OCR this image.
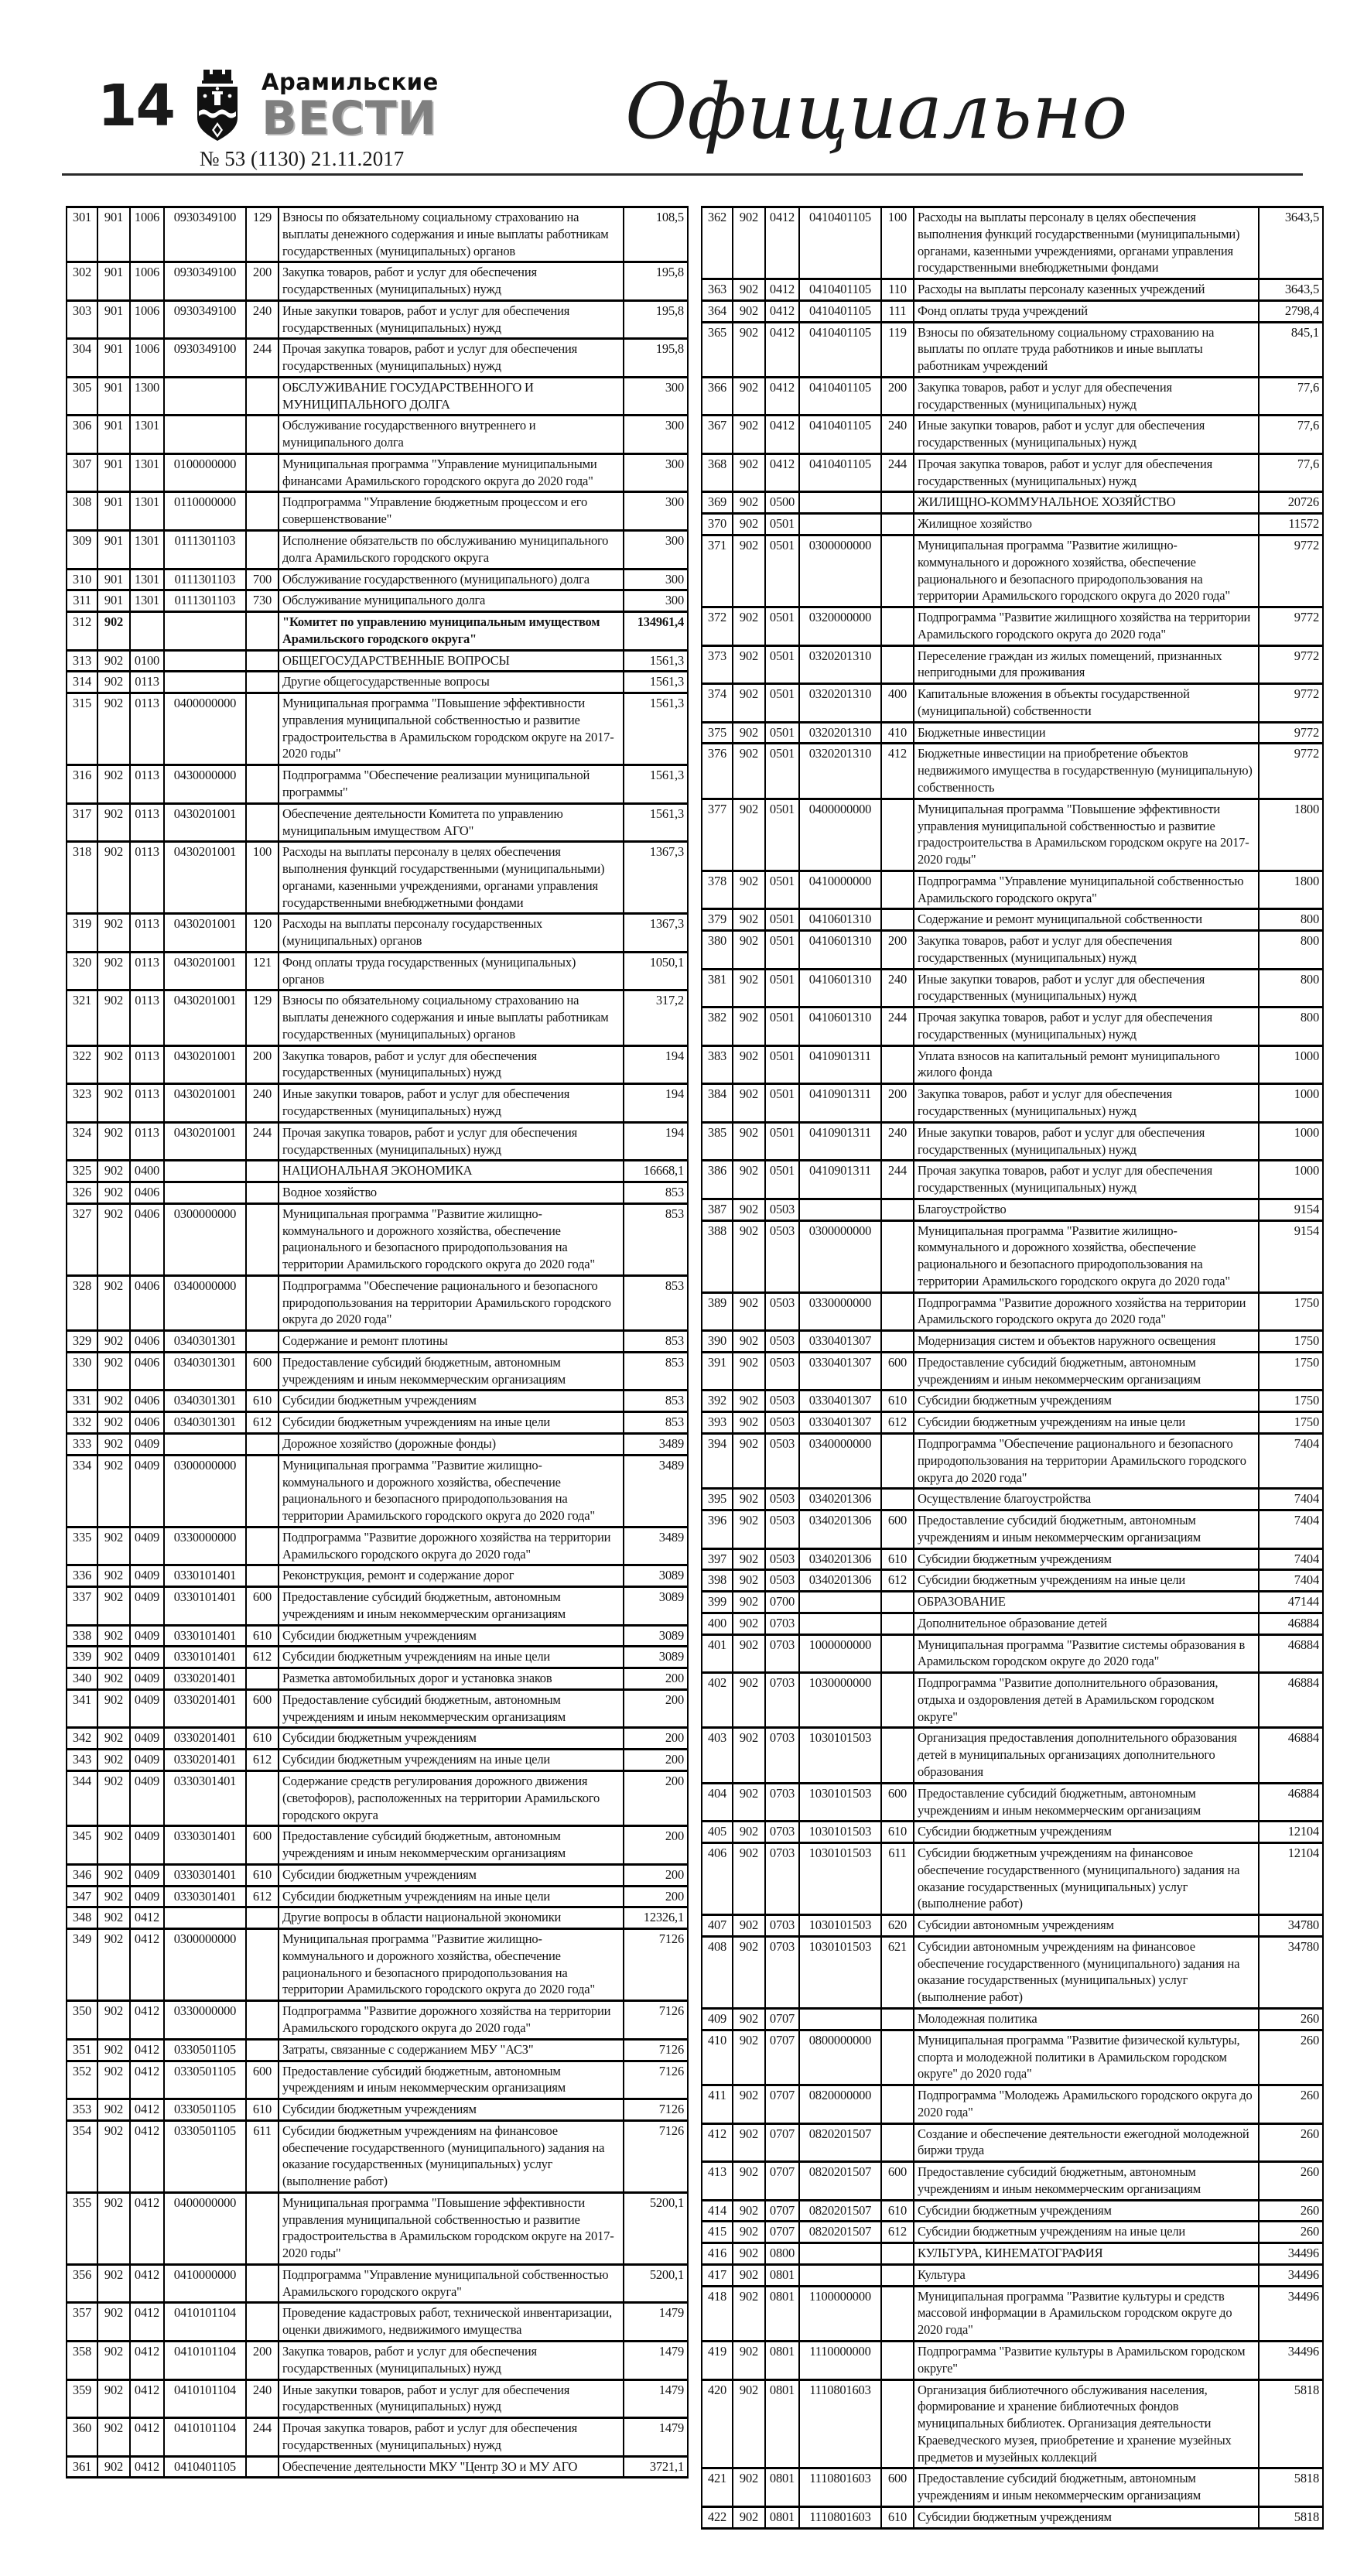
14	Арамильские
ВЕСТИ
№ 53 (1130) 21.11.2017
Официально
301	901	1006	0930349100	129	Взносы по обязательному социальному страхованию на выплаты денежного содержания и иные выплаты работникам государственных (муниципальных) органов	108,5
302	901	1006	0930349100	200	Закупка товаров, работ и услуг для обеспечения государственных (муниципальных) нужд	195,8
303	901	1006	0930349100	240	Иные закупки товаров, работ и услуг для обеспечения государственных (муниципальных) нужд	195,8
304	901	1006	0930349100	244	Прочая закупка товаров, работ и услуг для обеспечения государственных (муниципальных) нужд	195,8
305	901	1300			ОБСЛУЖИВАНИЕ ГОСУДАРСТВЕННОГО И МУНИЦИПАЛЬНОГО ДОЛГА	300
306	901	1301			Обслуживание государственного внутреннего и муниципального долга	300
307	901	1301	0100000000		Муниципальная программа "Управление муниципальными финансами Арамильского городского округа до 2020 года"	300
308	901	1301	0110000000		Подпрограмма "Управление бюджетным процессом и его совершенствование"	300
309	901	1301	0111301103		Исполнение обязательств по обслуживанию муниципального долга Арамильского городского округа	300
310	901	1301	0111301103	700	Обслуживание государственного (муниципального) долга	300
311	901	1301	0111301103	730	Обслуживание муниципального долга	300
312	902				"Комитет по управлению муниципальным имуществом Арамильского городского округа"	134961,4
313	902	0100			ОБЩЕГОСУДАРСТВЕННЫЕ ВОПРОСЫ	1561,3
314	902	0113			Другие общегосударственные вопросы	1561,3
315	902	0113	0400000000		Муниципальная программа "Повышение эффективности управления муниципальной собственностью и развитие градостроительства в Арамильском городском округе на 2017-2020 годы"	1561,3
316	902	0113	0430000000		Подпрограмма "Обеспечение реализации муниципальной программы"	1561,3
317	902	0113	0430201001		Обеспечение деятельности Комитета по управлению муниципальным имуществом АГО"	1561,3
318	902	0113	0430201001	100	Расходы на выплаты персоналу в целях обеспечения выполнения функций государственными (муниципальными) органами, казенными учреждениями, органами управления государственными внебюджетными фондами	1367,3
319	902	0113	0430201001	120	Расходы на выплаты персоналу государственных (муниципальных) органов	1367,3
320	902	0113	0430201001	121	Фонд оплаты труда государственных (муниципальных) органов	1050,1
321	902	0113	0430201001	129	Взносы по обязательному социальному страхованию на выплаты денежного содержания и иные выплаты работникам государственных (муниципальных) органов	317,2
322	902	0113	0430201001	200	Закупка товаров, работ и услуг для обеспечения государственных (муниципальных) нужд	194
323	902	0113	0430201001	240	Иные закупки товаров, работ и услуг для обеспечения государственных (муниципальных) нужд	194
324	902	0113	0430201001	244	Прочая закупка товаров, работ и услуг для обеспечения государственных (муниципальных) нужд	194
325	902	0400			НАЦИОНАЛЬНАЯ ЭКОНОМИКА	16668,1
326	902	0406			Водное хозяйство	853
327	902	0406	0300000000		Муниципальная программа "Развитие жилищно-коммунального и дорожного хозяйства, обеспечение рационального и безопасного природопользования на территории Арамильского городского округа до 2020 года"	853
328	902	0406	0340000000		Подпрограмма "Обеспечение рационального и безопасного природопользования на территории Арамильского городского округа до 2020 года"	853
329	902	0406	0340301301		Содержание и ремонт плотины	853
330	902	0406	0340301301	600	Предоставление субсидий бюджетным, автономным учреждениям и иным некоммерческим организациям	853
331	902	0406	0340301301	610	Субсидии бюджетным учреждениям	853
332	902	0406	0340301301	612	Субсидии бюджетным учреждениям на иные цели	853
333	902	0409			Дорожное хозяйство (дорожные фонды)	3489
334	902	0409	0300000000		Муниципальная программа "Развитие жилищно-коммунального и дорожного хозяйства, обеспечение рационального и безопасного природопользования на территории Арамильского городского округа до 2020 года"	3489
335	902	0409	0330000000		Подпрограмма "Развитие дорожного хозяйства на территории Арамильского городского округа до 2020 года"	3489
336	902	0409	0330101401		Реконструкция, ремонт и содержание дорог	3089
337	902	0409	0330101401	600	Предоставление субсидий бюджетным, автономным учреждениям и иным некоммерческим организациям	3089
338	902	0409	0330101401	610	Субсидии бюджетным учреждениям	3089
339	902	0409	0330101401	612	Субсидии бюджетным учреждениям на иные цели	3089
340	902	0409	0330201401		Разметка автомобильных дорог и установка знаков	200
341	902	0409	0330201401	600	Предоставление субсидий бюджетным, автономным учреждениям и иным некоммерческим организациям	200
342	902	0409	0330201401	610	Субсидии бюджетным учреждениям	200
343	902	0409	0330201401	612	Субсидии бюджетным учреждениям на иные цели	200
344	902	0409	0330301401		Содержание средств регулирования дорожного движения (светофоров), расположенных на территории Арамильского городского округа	200
345	902	0409	0330301401	600	Предоставление субсидий бюджетным, автономным учреждениям и иным некоммерческим организациям	200
346	902	0409	0330301401	610	Субсидии бюджетным учреждениям	200
347	902	0409	0330301401	612	Субсидии бюджетным учреждениям на иные цели	200
348	902	0412			Другие вопросы в области национальной экономики	12326,1
349	902	0412	0300000000		Муниципальная программа "Развитие жилищно-коммунального и дорожного хозяйства, обеспечение рационального и безопасного природопользования на территории Арамильского городского округа до 2020 года"	7126
350	902	0412	0330000000		Подпрограмма "Развитие дорожного хозяйства на территории Арамильского городского округа до 2020 года"	7126
351	902	0412	0330501105		Затраты, связанные с содержанием МБУ "АСЗ"	7126
352	902	0412	0330501105	600	Предоставление субсидий бюджетным, автономным учреждениям и иным некоммерческим организациям	7126
353	902	0412	0330501105	610	Субсидии бюджетным учреждениям	7126
354	902	0412	0330501105	611	Субсидии бюджетным учреждениям на финансовое обеспечение государственного (муниципального) задания на оказание государственных (муниципальных) услуг (выполнение работ)	7126
355	902	0412	0400000000		Муниципальная программа "Повышение эффективности управления муниципальной собственностью и развитие градостроительства в Арамильском городском округе на 2017-2020 годы"	5200,1
356	902	0412	0410000000		Подпрограмма "Управление муниципальной собственностью Арамильского городского округа"	5200,1
357	902	0412	0410101104		Проведение кадастровых работ, технической инвентаризации, оценки движимого, недвижимого имущества	1479
358	902	0412	0410101104	200	Закупка товаров, работ и услуг для обеспечения государственных (муниципальных) нужд	1479
359	902	0412	0410101104	240	Иные закупки товаров, работ и услуг для обеспечения государственных (муниципальных) нужд	1479
360	902	0412	0410101104	244	Прочая закупка товаров, работ и услуг для обеспечения государственных (муниципальных) нужд	1479
361	902	0412	0410401105		Обеспечение деятельности МКУ "Центр ЗО и МУ АГО	3721,1
362	902	0412	0410401105	100	Расходы на выплаты персоналу в целях обеспечения выполнения функций государственными (муниципальными) органами, казенными учреждениями, органами управления государственными внебюджетными фондами	3643,5
363	902	0412	0410401105	110	Расходы на выплаты персоналу казенных учреждений	3643,5
364	902	0412	0410401105	111	Фонд оплаты труда учреждений	2798,4
365	902	0412	0410401105	119	Взносы по обязательному социальному страхованию на выплаты по оплате труда работников и иные выплаты работникам учреждений	845,1
366	902	0412	0410401105	200	Закупка товаров, работ и услуг для обеспечения государственных (муниципальных) нужд	77,6
367	902	0412	0410401105	240	Иные закупки товаров, работ и услуг для обеспечения государственных (муниципальных) нужд	77,6
368	902	0412	0410401105	244	Прочая закупка товаров, работ и услуг для обеспечения государственных (муниципальных) нужд	77,6
369	902	0500			ЖИЛИЩНО-КОММУНАЛЬНОЕ ХОЗЯЙСТВО	20726
370	902	0501			Жилищное хозяйство	11572
371	902	0501	0300000000		Муниципальная программа "Развитие жилищно-коммунального и дорожного хозяйства, обеспечение рационального и безопасного природопользования на территории Арамильского городского округа до 2020 года"	9772
372	902	0501	0320000000		Подпрограмма "Развитие жилищного хозяйства на территории Арамильского городского округа до 2020 года"	9772
373	902	0501	0320201310		Переселение граждан из жилых помещений, признанных непригодными для проживания	9772
374	902	0501	0320201310	400	Капитальные вложения в объекты государственной (муниципальной) собственности	9772
375	902	0501	0320201310	410	Бюджетные инвестиции	9772
376	902	0501	0320201310	412	Бюджетные инвестиции на приобретение объектов недвижимого имущества в государственную (муниципальную) собственность	9772
377	902	0501	0400000000		Муниципальная программа "Повышение эффективности управления муниципальной собственностью и развитие градостроительства в Арамильском городском округе на 2017-2020 годы"	1800
378	902	0501	0410000000		Подпрограмма "Управление муниципальной собственностью Арамильского городского округа"	1800
379	902	0501	0410601310		Содержание и ремонт муниципальной собственности	800
380	902	0501	0410601310	200	Закупка товаров, работ и услуг для обеспечения государственных (муниципальных) нужд	800
381	902	0501	0410601310	240	Иные закупки товаров, работ и услуг для обеспечения государственных (муниципальных) нужд	800
382	902	0501	0410601310	244	Прочая закупка товаров, работ и услуг для обеспечения государственных (муниципальных) нужд	800
383	902	0501	0410901311		Уплата взносов на капитальный ремонт муниципального жилого фонда	1000
384	902	0501	0410901311	200	Закупка товаров, работ и услуг для обеспечения государственных (муниципальных) нужд	1000
385	902	0501	0410901311	240	Иные закупки товаров, работ и услуг для обеспечения государственных (муниципальных) нужд	1000
386	902	0501	0410901311	244	Прочая закупка товаров, работ и услуг для обеспечения государственных (муниципальных) нужд	1000
387	902	0503			Благоустройство	9154
388	902	0503	0300000000		Муниципальная программа "Развитие жилищно-коммунального и дорожного хозяйства, обеспечение рационального и безопасного природопользования на территории Арамильского городского округа до 2020 года"	9154
389	902	0503	0330000000		Подпрограмма "Развитие дорожного хозяйства на территории Арамильского городского округа до 2020 года"	1750
390	902	0503	0330401307		Модернизация систем и объектов наружного освещения	1750
391	902	0503	0330401307	600	Предоставление субсидий бюджетным, автономным учреждениям и иным некоммерческим организациям	1750
392	902	0503	0330401307	610	Субсидии бюджетным учреждениям	1750
393	902	0503	0330401307	612	Субсидии бюджетным учреждениям на иные цели	1750
394	902	0503	0340000000		Подпрограмма "Обеспечение рационального и безопасного природопользования на территории Арамильского городского округа до 2020 года"	7404
395	902	0503	0340201306		Осуществление благоустройства	7404
396	902	0503	0340201306	600	Предоставление субсидий бюджетным, автономным учреждениям и иным некоммерческим организациям	7404
397	902	0503	0340201306	610	Субсидии бюджетным учреждениям	7404
398	902	0503	0340201306	612	Субсидии бюджетным учреждениям на иные цели	7404
399	902	0700			ОБРАЗОВАНИЕ	47144
400	902	0703			Дополнительное образование детей	46884
401	902	0703	1000000000		Муниципальная программа "Развитие системы образования в Арамильском городском округе до 2020 года"	46884
402	902	0703	1030000000		Подпрограмма "Развитие дополнительного образования, отдыха и оздоровления детей в Арамильском городском округе"	46884
403	902	0703	1030101503		Организация предоставления дополнительного образования детей в муниципальных организациях дополнительного образования	46884
404	902	0703	1030101503	600	Предоставление субсидий бюджетным, автономным учреждениям и иным некоммерческим организациям	46884
405	902	0703	1030101503	610	Субсидии бюджетным учреждениям	12104
406	902	0703	1030101503	611	Субсидии бюджетным учреждениям на финансовое обеспечение государственного (муниципального) задания на оказание государственных (муниципальных) услуг (выполнение работ)	12104
407	902	0703	1030101503	620	Субсидии автономным учреждениям	34780
408	902	0703	1030101503	621	Субсидии автономным учреждениям на финансовое обеспечение государственного (муниципального) задания на оказание государственных (муниципальных) услуг (выполнение работ)	34780
409	902	0707			Молодежная политика	260
410	902	0707	0800000000		Муниципальная программа "Развитие физической культуры, спорта и молодежной политики в Арамильском городском округе" до 2020 года"	260
411	902	0707	0820000000		Подпрограмма "Молодежь Арамильского городского округа до 2020 года"	260
412	902	0707	0820201507		Создание и обеспечение деятельности ежегодной молодежной биржи труда	260
413	902	0707	0820201507	600	Предоставление субсидий бюджетным, автономным учреждениям и иным некоммерческим организациям	260
414	902	0707	0820201507	610	Субсидии бюджетным учреждениям	260
415	902	0707	0820201507	612	Субсидии бюджетным учреждениям на иные цели	260
416	902	0800			КУЛЬТУРА, КИНЕМАТОГРАФИЯ	34496
417	902	0801			Культура	34496
418	902	0801	1100000000		Муниципальная программа "Развитие культуры и средств массовой информации в Арамильском городском округе до 2020 года"	34496
419	902	0801	1110000000		Подпрограмма "Развитие культуры в Арамильском городском округе"	34496
420	902	0801	1110801603		Организация библиотечного обслуживания населения, формирование и хранение библиотечных фондов муниципальных библиотек. Организация деятельности Краеведческого музея, приобретение и хранение музейных предметов и музейных коллекций	5818
421	902	0801	1110801603	600	Предоставление субсидий бюджетным, автономным учреждениям и иным некоммерческим организациям	5818
422	902	0801	1110801603	610	Субсидии бюджетным учреждениям	5818
